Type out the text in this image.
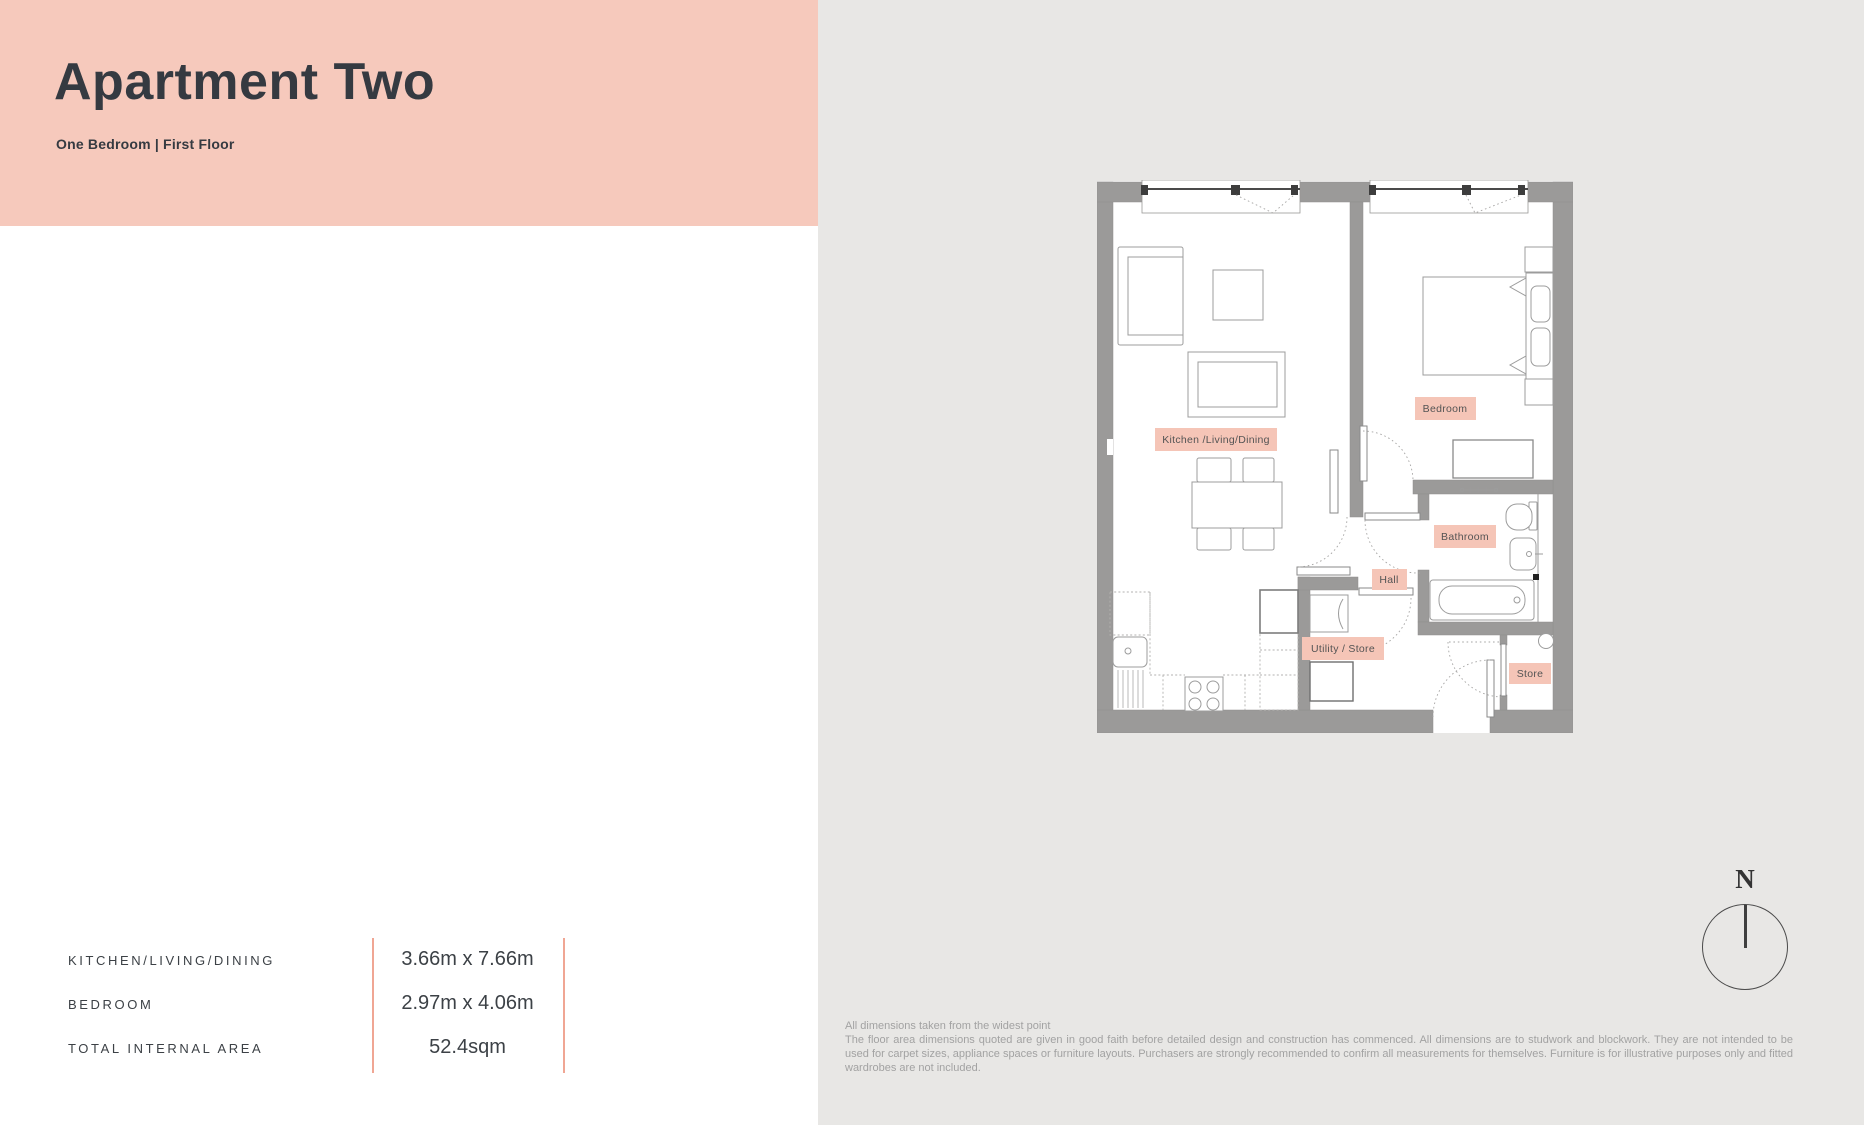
Apartment Two
One Bedroom | First Floor
KITCHEN/LIVING/DINING	3.66m x 7.66m
BEDROOM	2.97m x 4.06m
TOTAL INTERNAL AREA	52.4sqm
Kitchen /Living/Dining
Bedroom
Bathroom
Hall
Utility / Store
Store
N
All dimensions taken from the widest point
The floor area dimensions quoted are given in good faith before detailed design and construction has commenced. All dimensions are to studwork and blockwork. They are not intended to be used for carpet sizes, appliance spaces or furniture layouts. Purchasers are strongly recommended to confirm all measurements for themselves. Furniture is for illustrative purposes only and fitted wardrobes are not included.
